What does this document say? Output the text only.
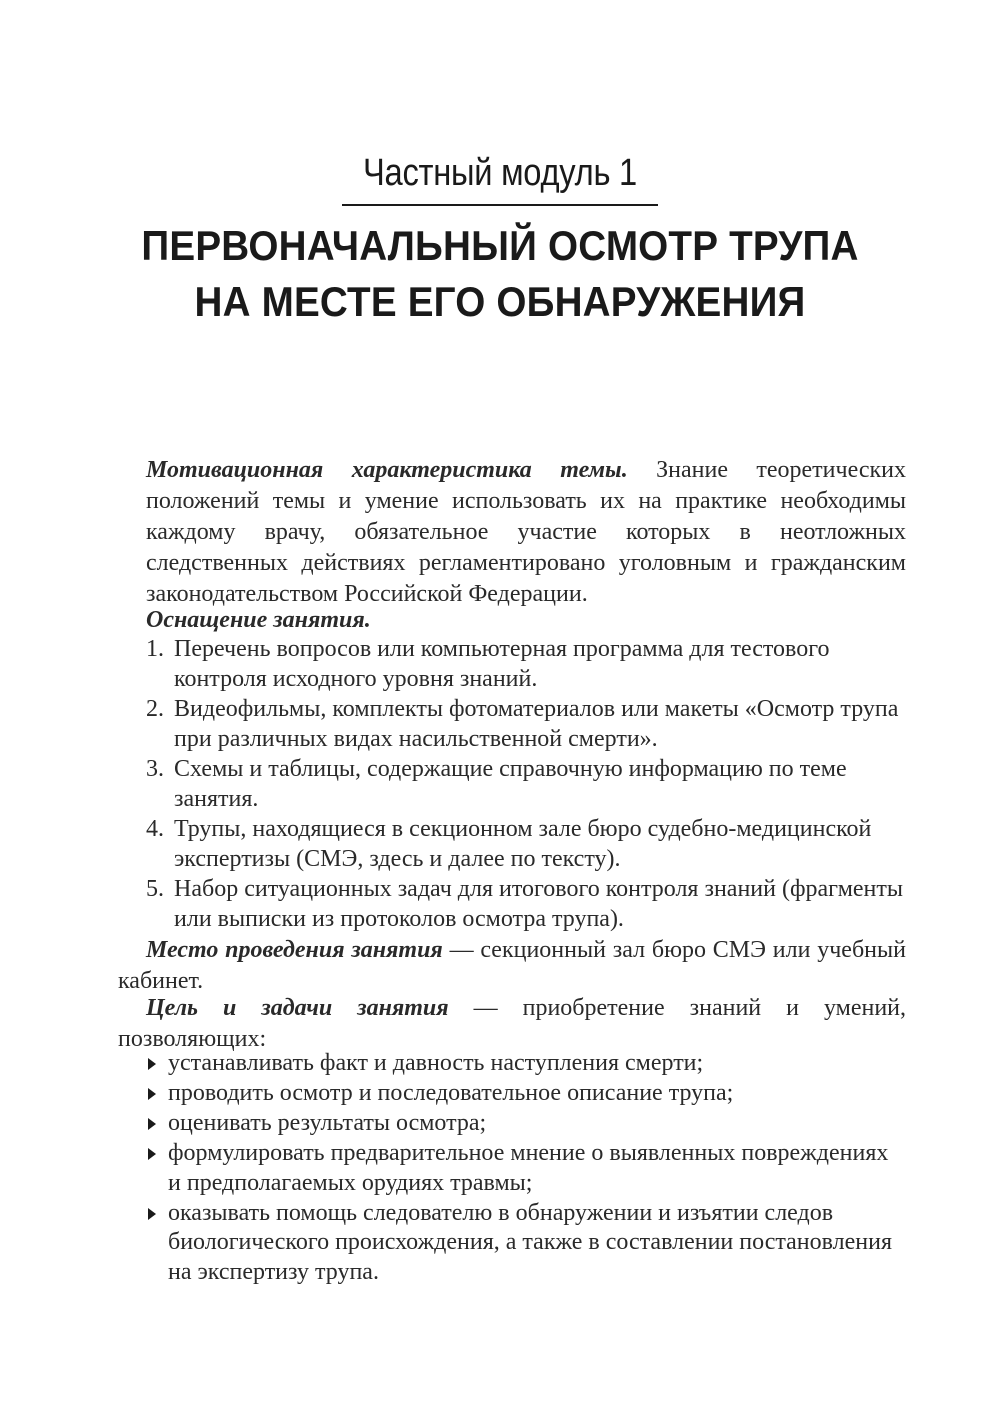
Частный модуль 1
ПЕРВОНАЧАЛЬНЫЙ ОСМОТР ТРУПА
НА МЕСТЕ ЕГО ОБНАРУЖЕНИЯ
Мотивационная характеристика темы. Знание теоретических положений темы и умение использовать их на практике необходимы каждому врачу, обязательное участие которых в неотложных следственных действиях регламентировано уголовным и гражданским законодательством Российской Федерации.
Оснащение занятия.
1. Перечень вопросов или компьютерная программа для тестового контроля исходного уровня знаний.
2. Видеофильмы, комплекты фотоматериалов или макеты «Осмотр трупа при различных видах насильственной смерти».
3. Схемы и таблицы, содержащие справочную информацию по теме занятия.
4. Трупы, находящиеся в секционном зале бюро судебно-медицинской экспертизы (СМЭ, здесь и далее по тексту).
5. Набор ситуационных задач для итогового контроля знаний (фрагменты или выписки из протоколов осмотра трупа).
Место проведения занятия — секционный зал бюро СМЭ или учебный кабинет.
Цель и задачи занятия — приобретение знаний и умений, позволяющих:
устанавливать факт и давность наступления смерти;
проводить осмотр и последовательное описание трупа;
оценивать результаты осмотра;
формулировать предварительное мнение о выявленных повреждениях и предполагаемых орудиях травмы;
оказывать помощь следователю в обнаружении и изъятии следов биологического происхождения, а также в составлении постановления на экспертизу трупа.
